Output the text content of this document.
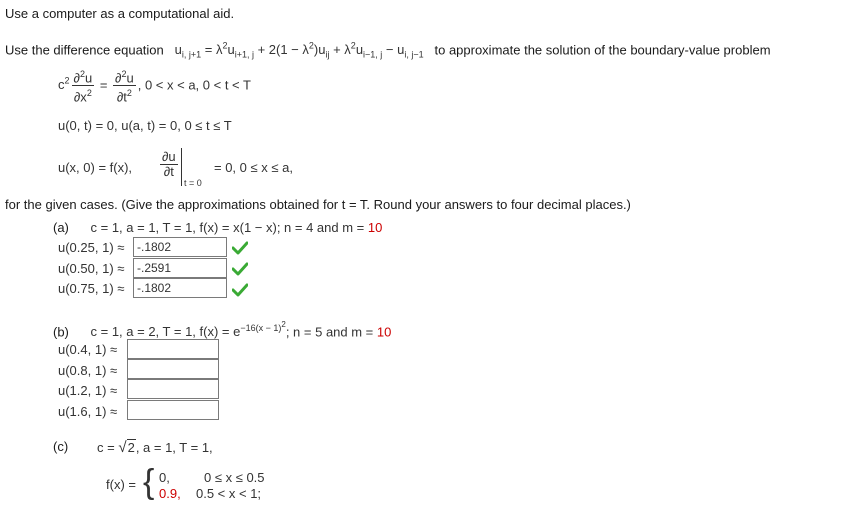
Use a computer as a computational aid.
Use the difference equation   $u_{i, j+1} = \lambda^2u_{i+1, j} + 2(1 - \lambda^2)u_{ij} + \lambda^2u_{i-1, j} - u_{i, j-1}$ to approximate the solution of the boundary-value problem
$c^2 \frac{\partial^2u}{\partial x^2} = \frac{\partial^2u}{\partial t^2}$ , 0 < x < a, 0 < t < T
u(0, t) = 0, u(a, t) = 0, 0 ≤ t ≤ T
u(x, 0) = f(x), $\frac{\partial u}{\partial t}$
t = 0
= 0, 0 ≤ x ≤ a,
for the given cases. (Give the approximations obtained for t = T. Round your answers to four decimal places.)
(a) c = 1, a = 1, T = 1, f(x) = x(1 − x); n = 4 and m = 10
u(0.25, 1) ≈
-.1802
u(0.50, 1) ≈
-.2591
u(0.75, 1) ≈
-.1802
(b) c = 1, a = 2, T = 1, $f(x) = e^{-16(x - 1)^2}$; n = 5 and m = 10
u(0.4, 1) ≈
u(0.8, 1) ≈
u(1.2, 1) ≈
u(1.6, 1) ≈
(c) c = √2, a = 1, T = 1,
f(x) = { 0,	0 ≤ x ≤ 0.5
0.9, 0.5 < x < 1;
